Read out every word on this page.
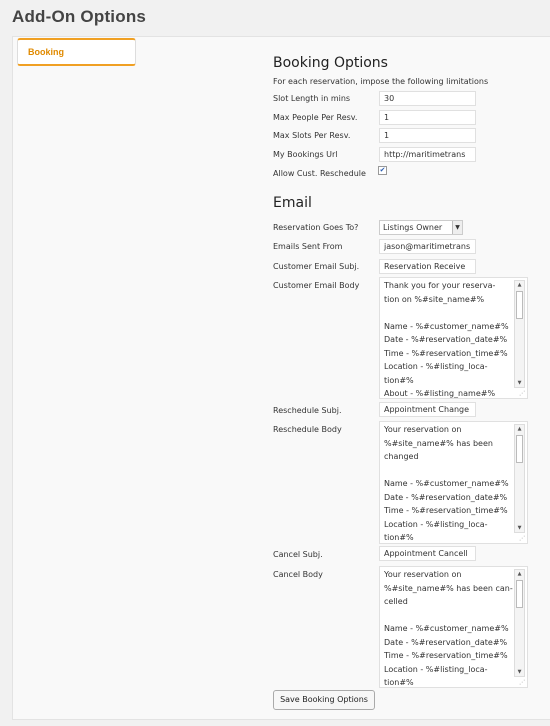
Add-On Options
Booking
Booking Options
For each reservation, impose the following limitations
Slot Length in mins	30
Max People Per Resv.	1
Max Slots Per Resv.	1
My Bookings Url	http://maritimetrans
Allow Cust. Reschedule ✔
Email
Reservation Goes To?	Listings Owner	▼
Emails Sent From	jason@maritimetrans
Customer Email Subj.	Reservation Receive
Customer Email Body	Thank you for your reserva-
tion on %#site_name#%

Name - %#customer_name#%
Date - %#reservation_date#%
Time - %#reservation_time#%
Location - %#listing_loca-
tion#%
About - %#listing_name#%
▲
▼
⋰
Reschedule Subj.	Appointment Change
Reschedule Body	Your reservation on
%#site_name#% has been
changed

Name - %#customer_name#%
Date - %#reservation_date#%
Time - %#reservation_time#%
Location - %#listing_loca-
tion#%
▲
▼
⋰
Cancel Subj.	Appointment Cancell
Cancel Body	Your reservation on
%#site_name#% has been can-
celled

Name - %#customer_name#%
Date - %#reservation_date#%
Time - %#reservation_time#%
Location - %#listing_loca-
tion#%
▲
▼
⋰
Save Booking Options
